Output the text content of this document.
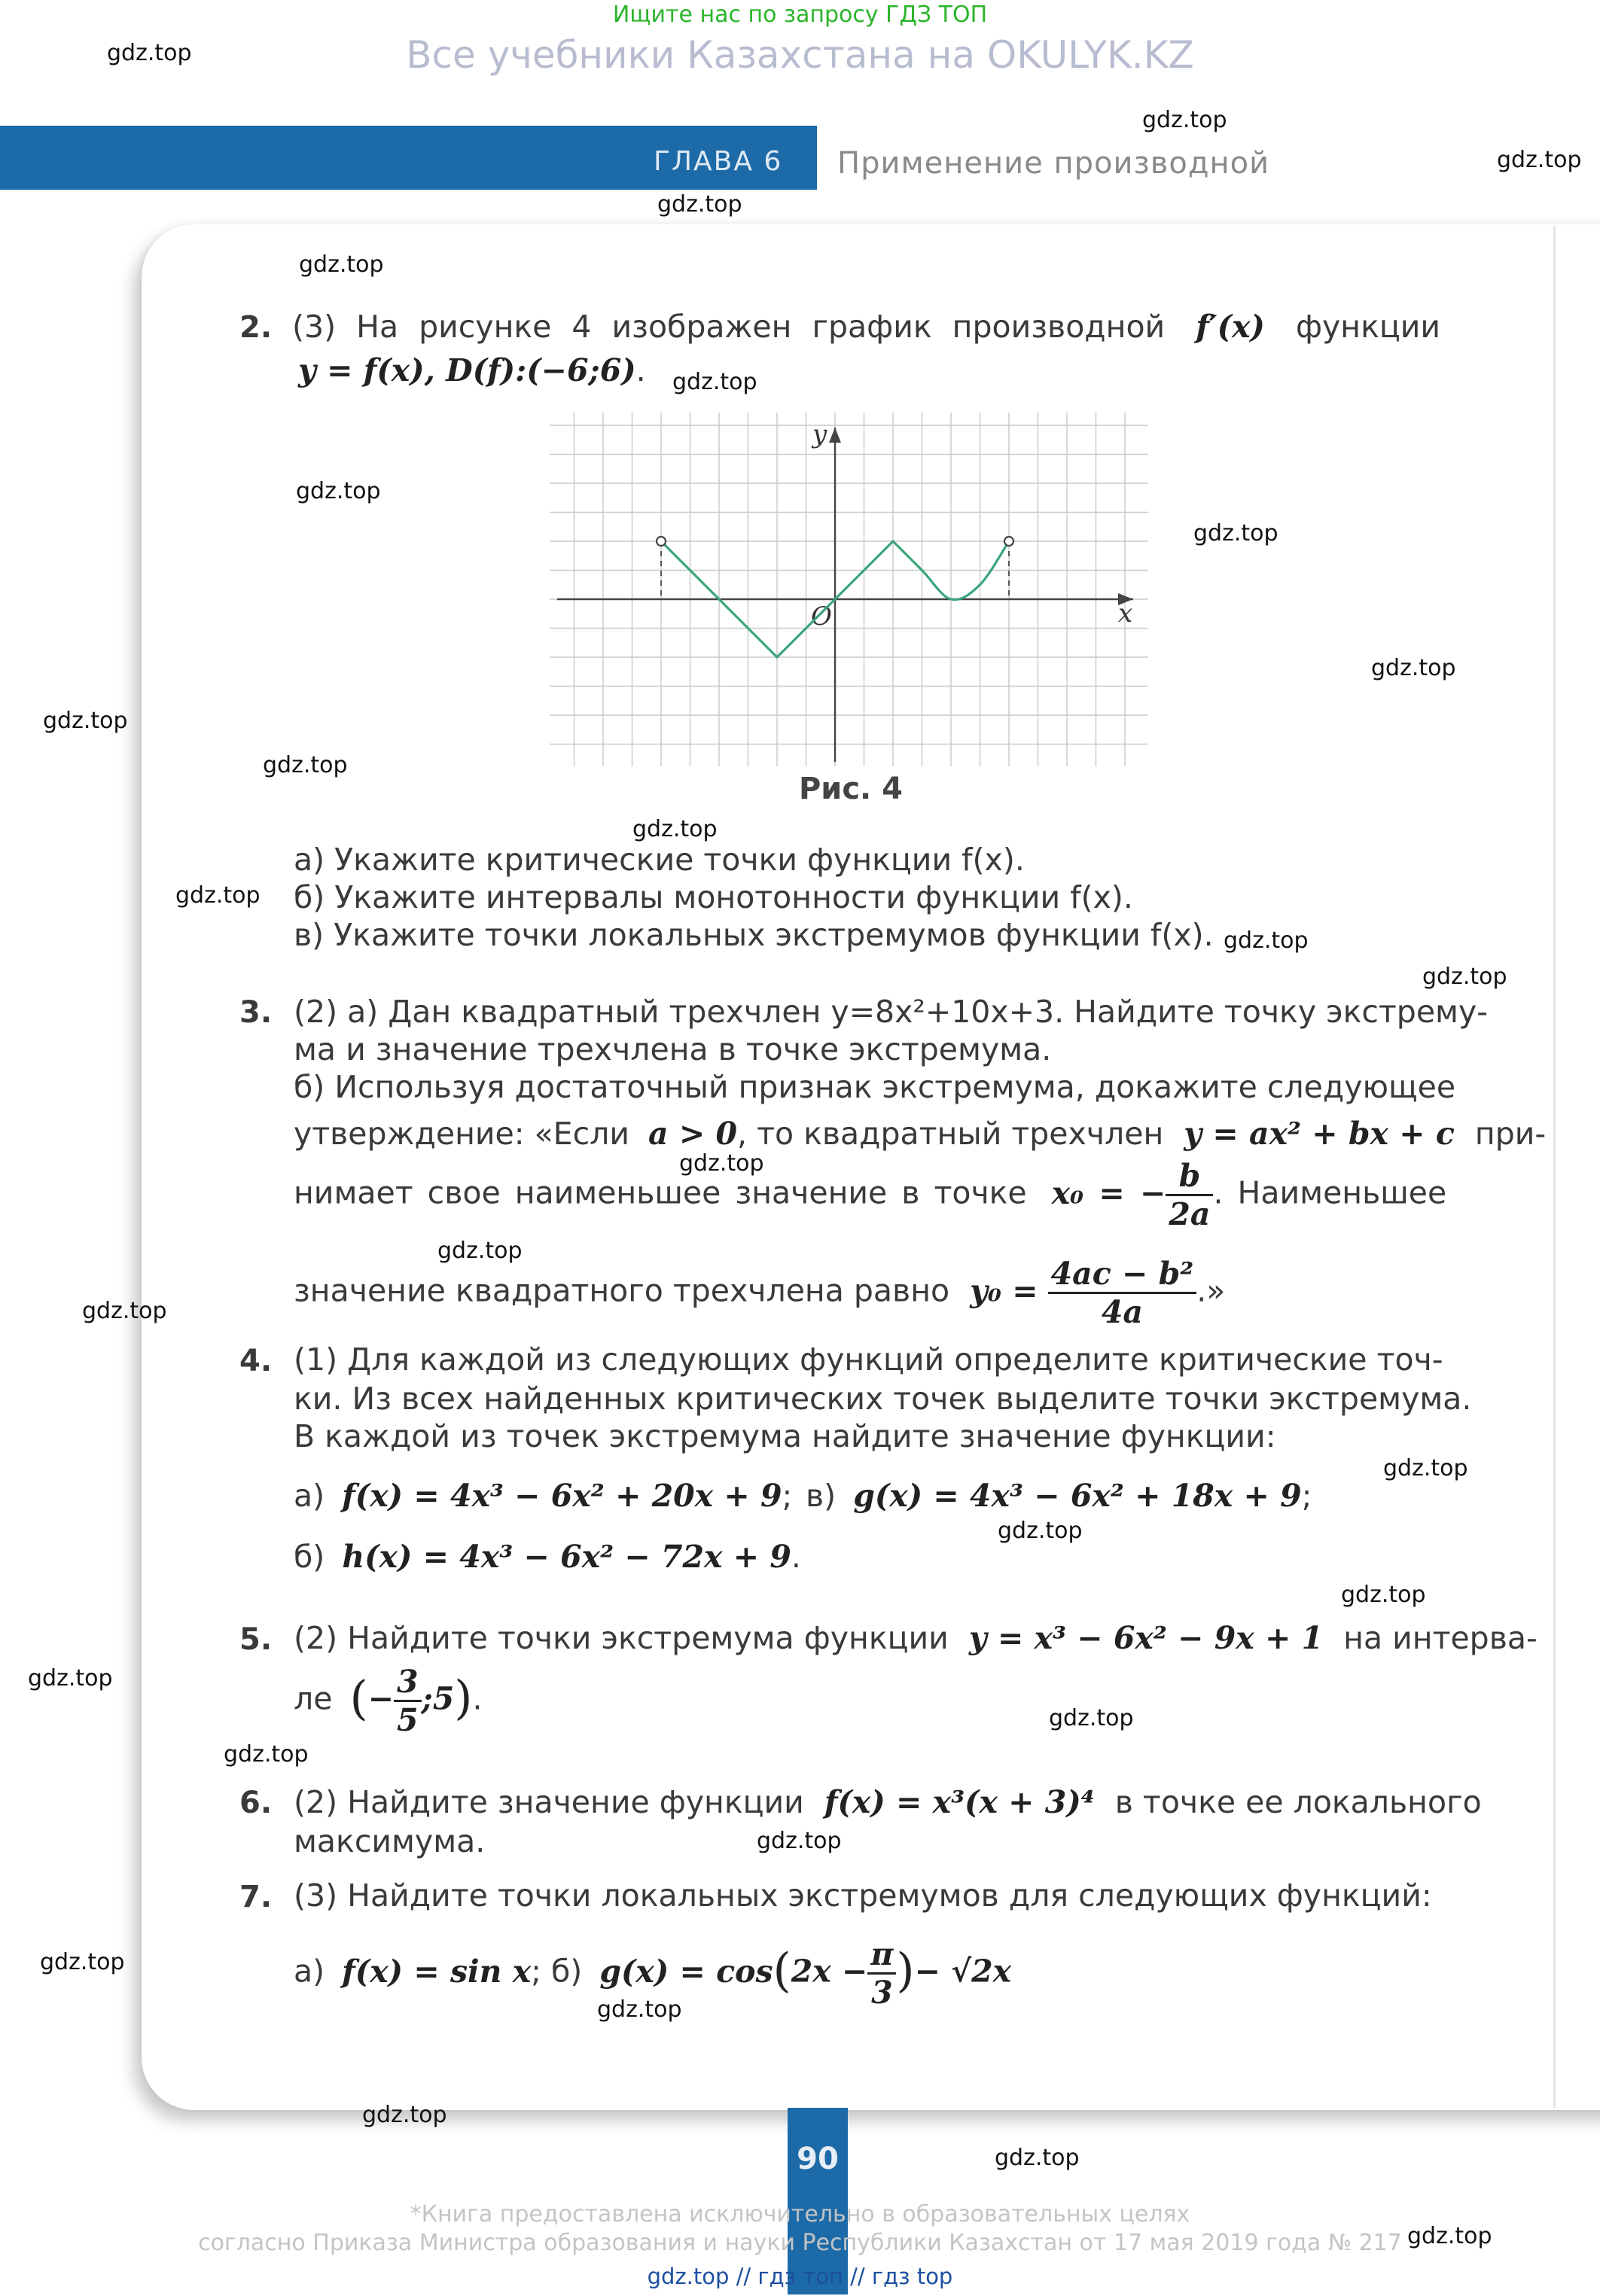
Ищите нас по запросу ГДЗ ТОП
Все учебники Казахстана на OKULYK.KZ
ГЛАВА 6 Применение производной
2. (3) На рисунке 4 изображен график производной f′(x) функции
y = f(x), D(f):(−6;6).
x
y
O
Рис. 4
а) Укажите критические точки функции f(x).
б) Укажите интервалы монотонности функции f(x).
в) Укажите точки локальных экстремумов функции f(x).
3. (2) а) Дан квадратный трехчлен y=8x²+10x+3. Найдите точку экстрему-
ма и значение трехчлена в точке экстремума.
б) Используя достаточный признак экстремума, докажите следующее
утверждение: «Если a > 0, то квадратный трехчлен y = ax² + bx + c при-
нимает свое наименьшее значение в точке x₀ = − $\frac{b}{2a}$ . Наименьшее
значение квадратного трехчлена равно $y_0 = \frac{\text{4ac − b²}}{4a}$ .»
4. (1) Для каждой из следующих функций определите критические точ-
ки. Из всех найденных критических точек выделите точки экстремума.
В каждой из точек экстремума найдите значение функции:
а) f(x) = 4x³ − 6x² + 20x + 9; в) g(x) = 4x³ − 6x² + 18x + 9;
б) h(x) = 4x³ − 6x² − 72x + 9.
5. (2) Найдите точки экстремума функции y = x³ − 6x² − 9x + 1 на интерва-
ле (− $\frac{3}{5}$ ;5).
6. (2) Найдите значение функции f(x) = x³(x + 3)⁴ в точке ее локального
максимума.
7. (3) Найдите точки локальных экстремумов для следующих функций:
а) f(x) = sin x; б) $g(x) = \cos(2x - \frac{\pi}{3}$ )− √2x
90
*Книга предоставлена исключительно в образовательных целях
согласно Приказа Министра образования и науки Республики Казахстан от 17 мая 2019 года № 217
gdz.top // гдз топ // гдз top
gdz.top
gdz.top
gdz.top
gdz.top
gdz.top
gdz.top
gdz.top
gdz.top
gdz.top
gdz.top
gdz.top
gdz.top
gdz.top
gdz.top
gdz.top
gdz.top
gdz.top
gdz.top
gdz.top
gdz.top
gdz.top
gdz.top
gdz.top
gdz.top
gdz.top
gdz.top
gdz.top
gdz.top
gdz.top
gdz.top
